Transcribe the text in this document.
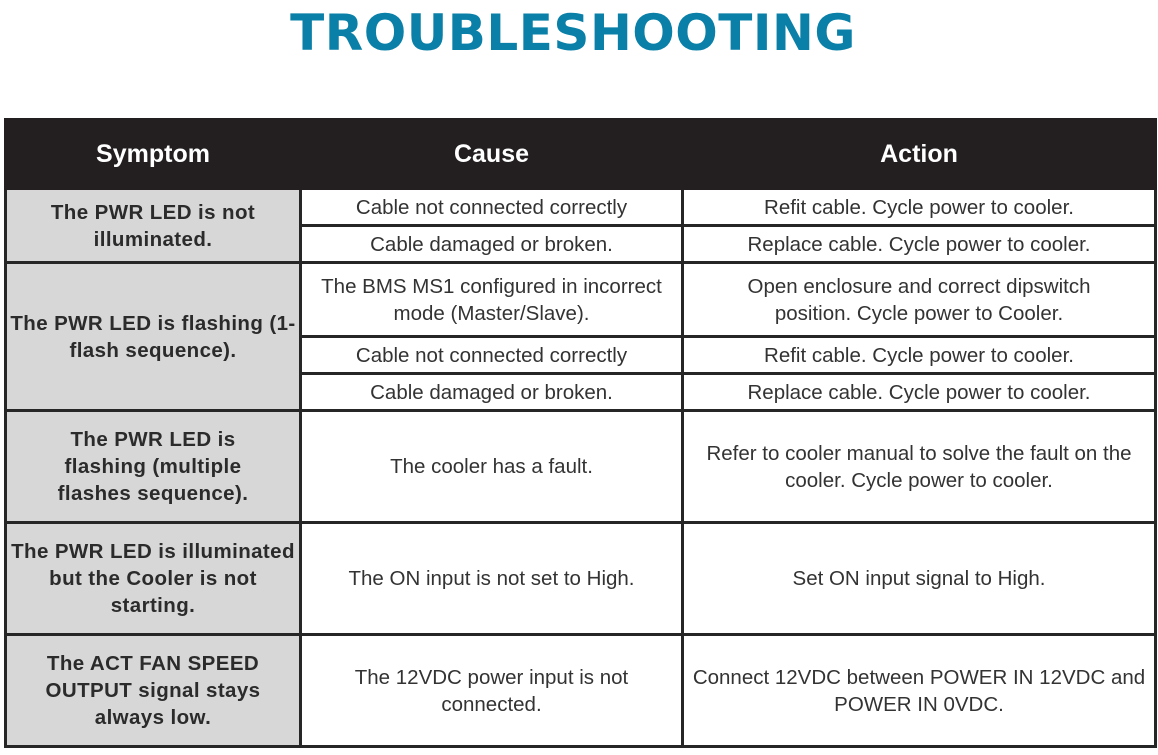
TROUBLESHOOTING
Symptom	Cause	Action
The PWR LED is not illuminated.	Cable not connected correctly	Refit cable. Cycle power to cooler.
	Cable damaged or broken.	Replace cable. Cycle power to cooler.
The PWR LED is flashing (1-flash sequence).	The BMS MS1 configured in incorrect mode (Master/Slave).	Open enclosure and correct dipswitch position. Cycle power to Cooler.
	Cable not connected correctly	Refit cable. Cycle power to cooler.
	Cable damaged or broken.	Replace cable. Cycle power to cooler.
The PWR LED is flashing (multiple flashes sequence).	The cooler has a fault.	Refer to cooler manual to solve the fault on the cooler. Cycle power to cooler.
The PWR LED is illuminated but the Cooler is not starting.	The ON input is not set to High.	Set ON input signal to High.
The ACT FAN SPEED OUTPUT signal stays always low.	The 12VDC power input is not connected.	Connect 12VDC between POWER IN 12VDC and POWER IN 0VDC.
